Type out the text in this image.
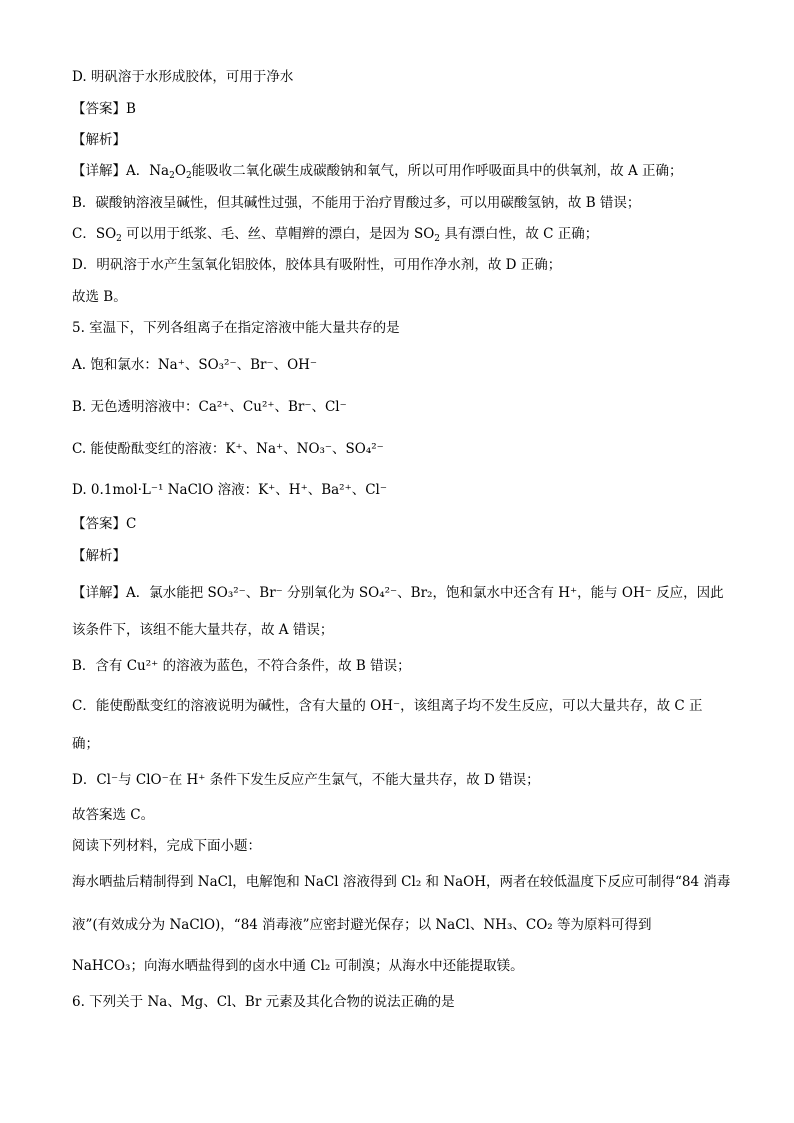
D. 明矾溶于水形成胶体，可用于净水
【答案】B
【解析】
【详解】A．$Na_2O_2$能吸收二氧化碳生成碳酸钠和氧气，所以可用作呼吸面具中的供氧剂，故 A 正确；
B．碳酸钠溶液呈碱性，但其碱性过强，不能用于治疗胃酸过多，可以用碳酸氢钠，故 B 错误；
C．$SO_2$ 可以用于纸浆、毛、丝、草帽辫的漂白，是因为 $SO_2$ 具有漂白性，故 C 正确；
D．明矾溶于水产生氢氧化铝胶体，胶体具有吸附性，可用作净水剂，故 D 正确；
故选 B。
5. 室温下，下列各组离子在指定溶液中能大量共存的是
A. 饱和氯水：Na⁺、SO₃²⁻、Br⁻、OH⁻
B. 无色透明溶液中：Ca²⁺、Cu²⁺、Br⁻、Cl⁻
C. 能使酚酞变红的溶液：K⁺、Na⁺、NO₃⁻、SO₄²⁻
D. 0.1mol·L⁻¹ NaClO 溶液：K⁺、H⁺、Ba²⁺、Cl⁻
【答案】C
【解析】
【详解】A．氯水能把 SO₃²⁻、Br⁻ 分别氧化为 SO₄²⁻、Br₂，饱和氯水中还含有 H⁺，能与 OH⁻ 反应，因此
该条件下，该组不能大量共存，故 A 错误；
B．含有 Cu²⁺ 的溶液为蓝色，不符合条件，故 B 错误；
C．能使酚酞变红的溶液说明为碱性，含有大量的 OH⁻，该组离子均不发生反应，可以大量共存，故 C 正
确；
D．Cl⁻与 ClO⁻在 H⁺ 条件下发生反应产生氯气，不能大量共存，故 D 错误；
故答案选 C。
阅读下列材料，完成下面小题：
海水晒盐后精制得到 NaCl，电解饱和 NaCl 溶液得到 Cl₂ 和 NaOH，两者在较低温度下反应可制得“84 消毒
液”(有效成分为 NaClO)，“84 消毒液”应密封避光保存；以 NaCl、NH₃、CO₂ 等为原料可得到
NaHCO₃；向海水晒盐得到的卤水中通 Cl₂ 可制溴；从海水中还能提取镁。
6. 下列关于 Na、Mg、Cl、Br 元素及其化合物的说法正确的是
